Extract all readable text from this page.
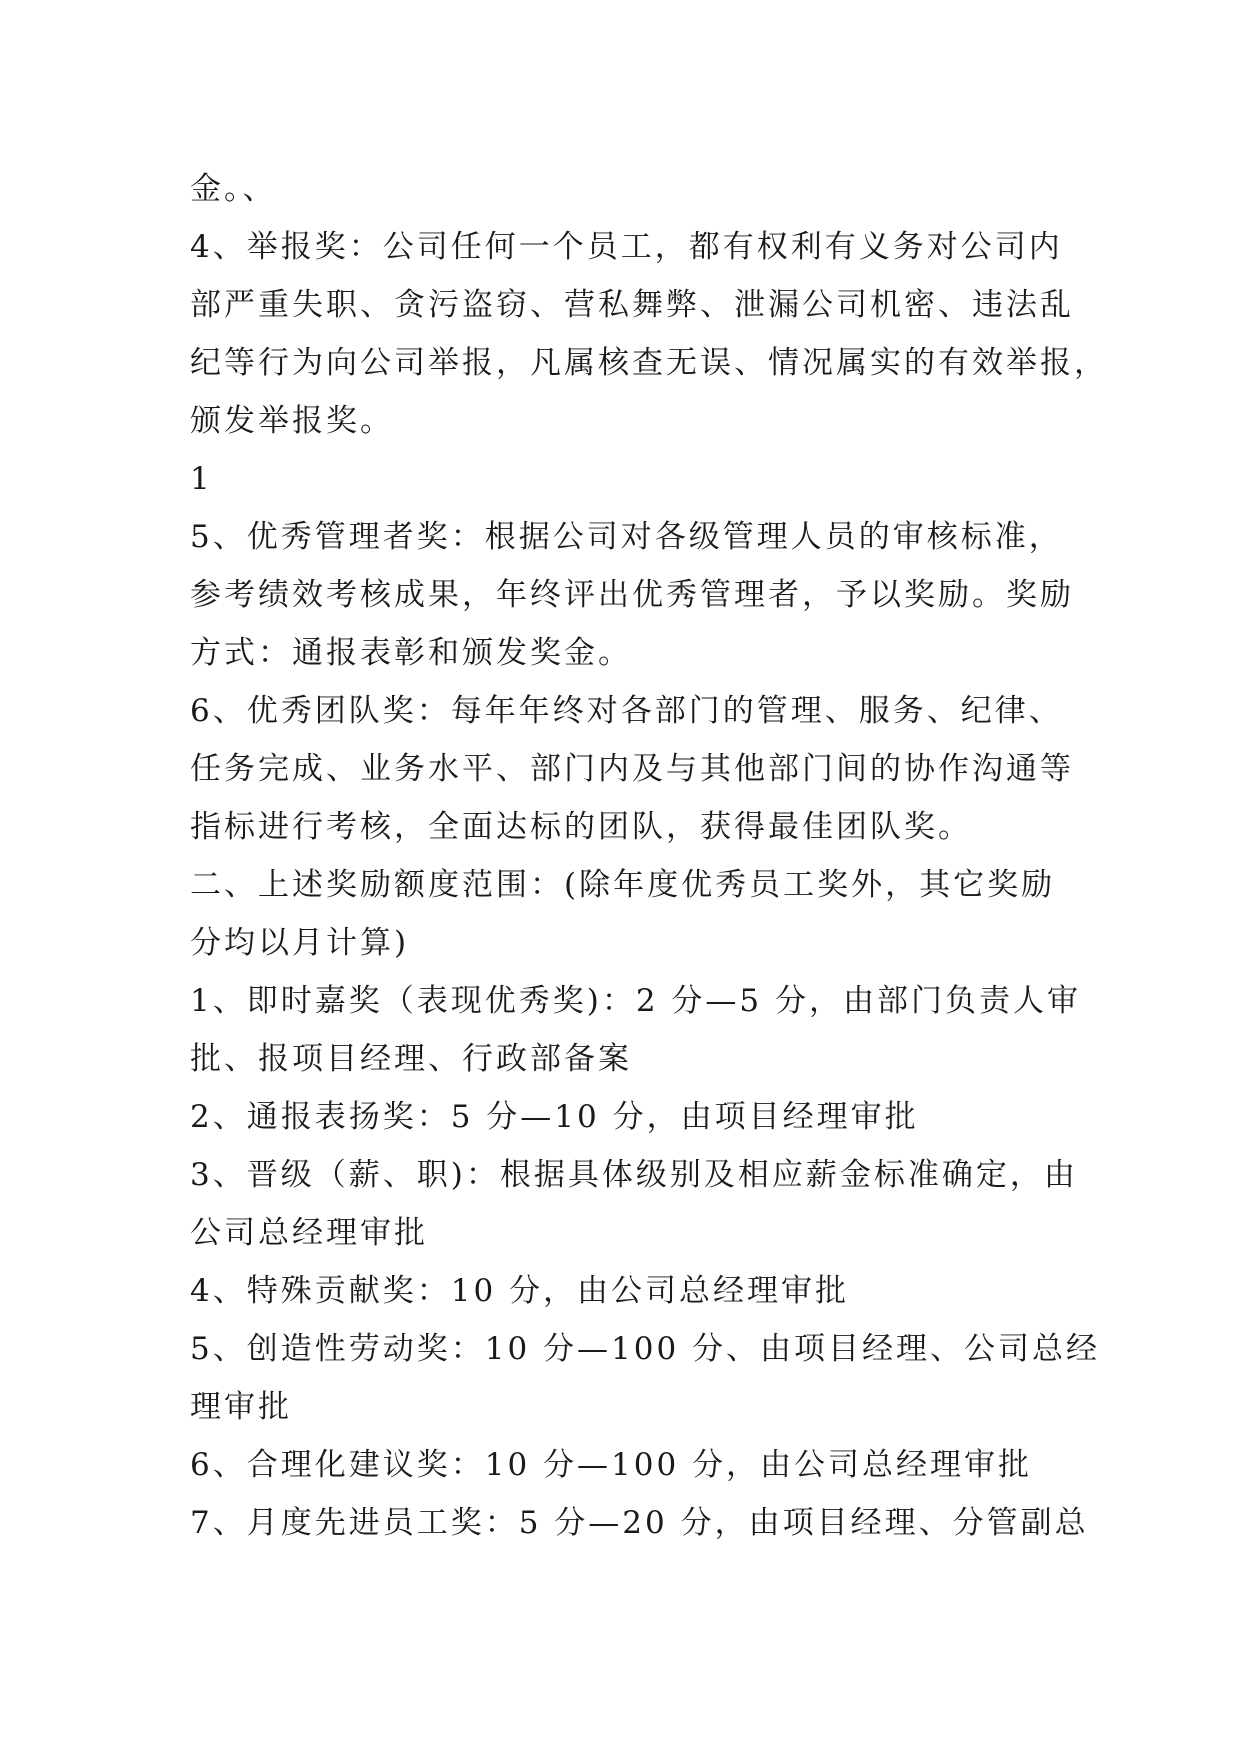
金。、
4、举报奖：公司任何一个员工，都有权利有义务对公司内
部严重失职、贪污盗窃、营私舞弊、泄漏公司机密、违法乱
纪等行为向公司举报，凡属核查无误、情况属实的有效举报，
颁发举报奖。
1
5、优秀管理者奖：根据公司对各级管理人员的审核标准，
参考绩效考核成果，年终评出优秀管理者，予以奖励。奖励
方式：通报表彰和颁发奖金。
6、优秀团队奖：每年年终对各部门的管理、服务、纪律、
任务完成、业务水平、部门内及与其他部门间的协作沟通等
指标进行考核，全面达标的团队，获得最佳团队奖。
二、上述奖励额度范围：(除年度优秀员工奖外，其它奖励
分均以月计算)
1、即时嘉奖（表现优秀奖)：2 分—5 分，由部门负责人审
批、报项目经理、行政部备案
2、通报表扬奖：5 分—10 分，由项目经理审批
3、晋级（薪、职)：根据具体级别及相应薪金标准确定，由
公司总经理审批
4、特殊贡献奖：10 分，由公司总经理审批
5、创造性劳动奖：10 分—100 分、由项目经理、公司总经
理审批
6、合理化建议奖：10 分—100 分，由公司总经理审批
7、月度先进员工奖：5 分—20 分，由项目经理、分管副总
